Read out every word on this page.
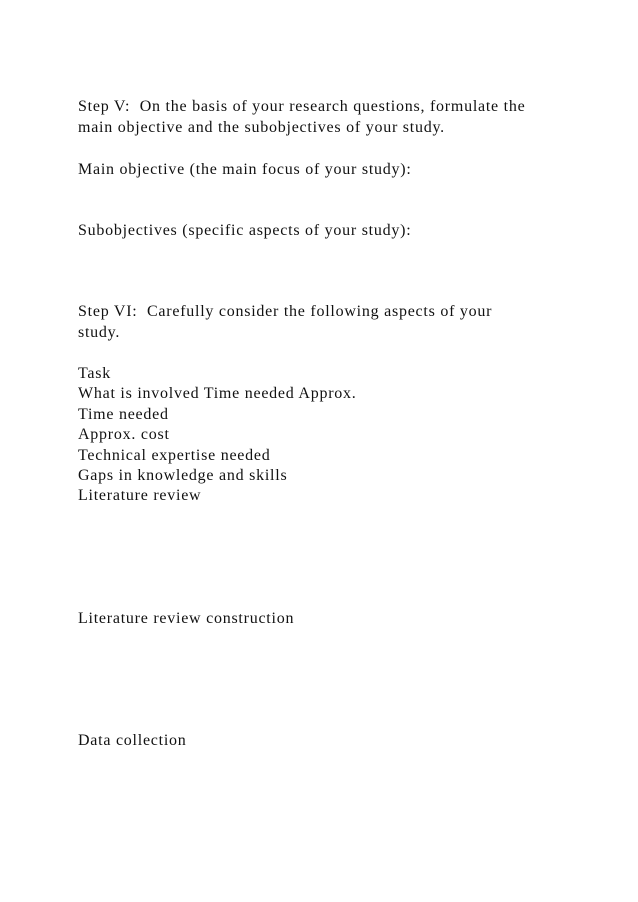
Step V:  On the basis of your research questions, formulate the
main objective and the subobjectives of your study.
Main objective (the main focus of your study):
Subobjectives (specific aspects of your study):
Step VI:  Carefully consider the following aspects of your
study.
Task
What is involved Time needed Approx.
Time needed
Approx. cost
Technical expertise needed
Gaps in knowledge and skills
Literature review
Literature review construction
Data collection
